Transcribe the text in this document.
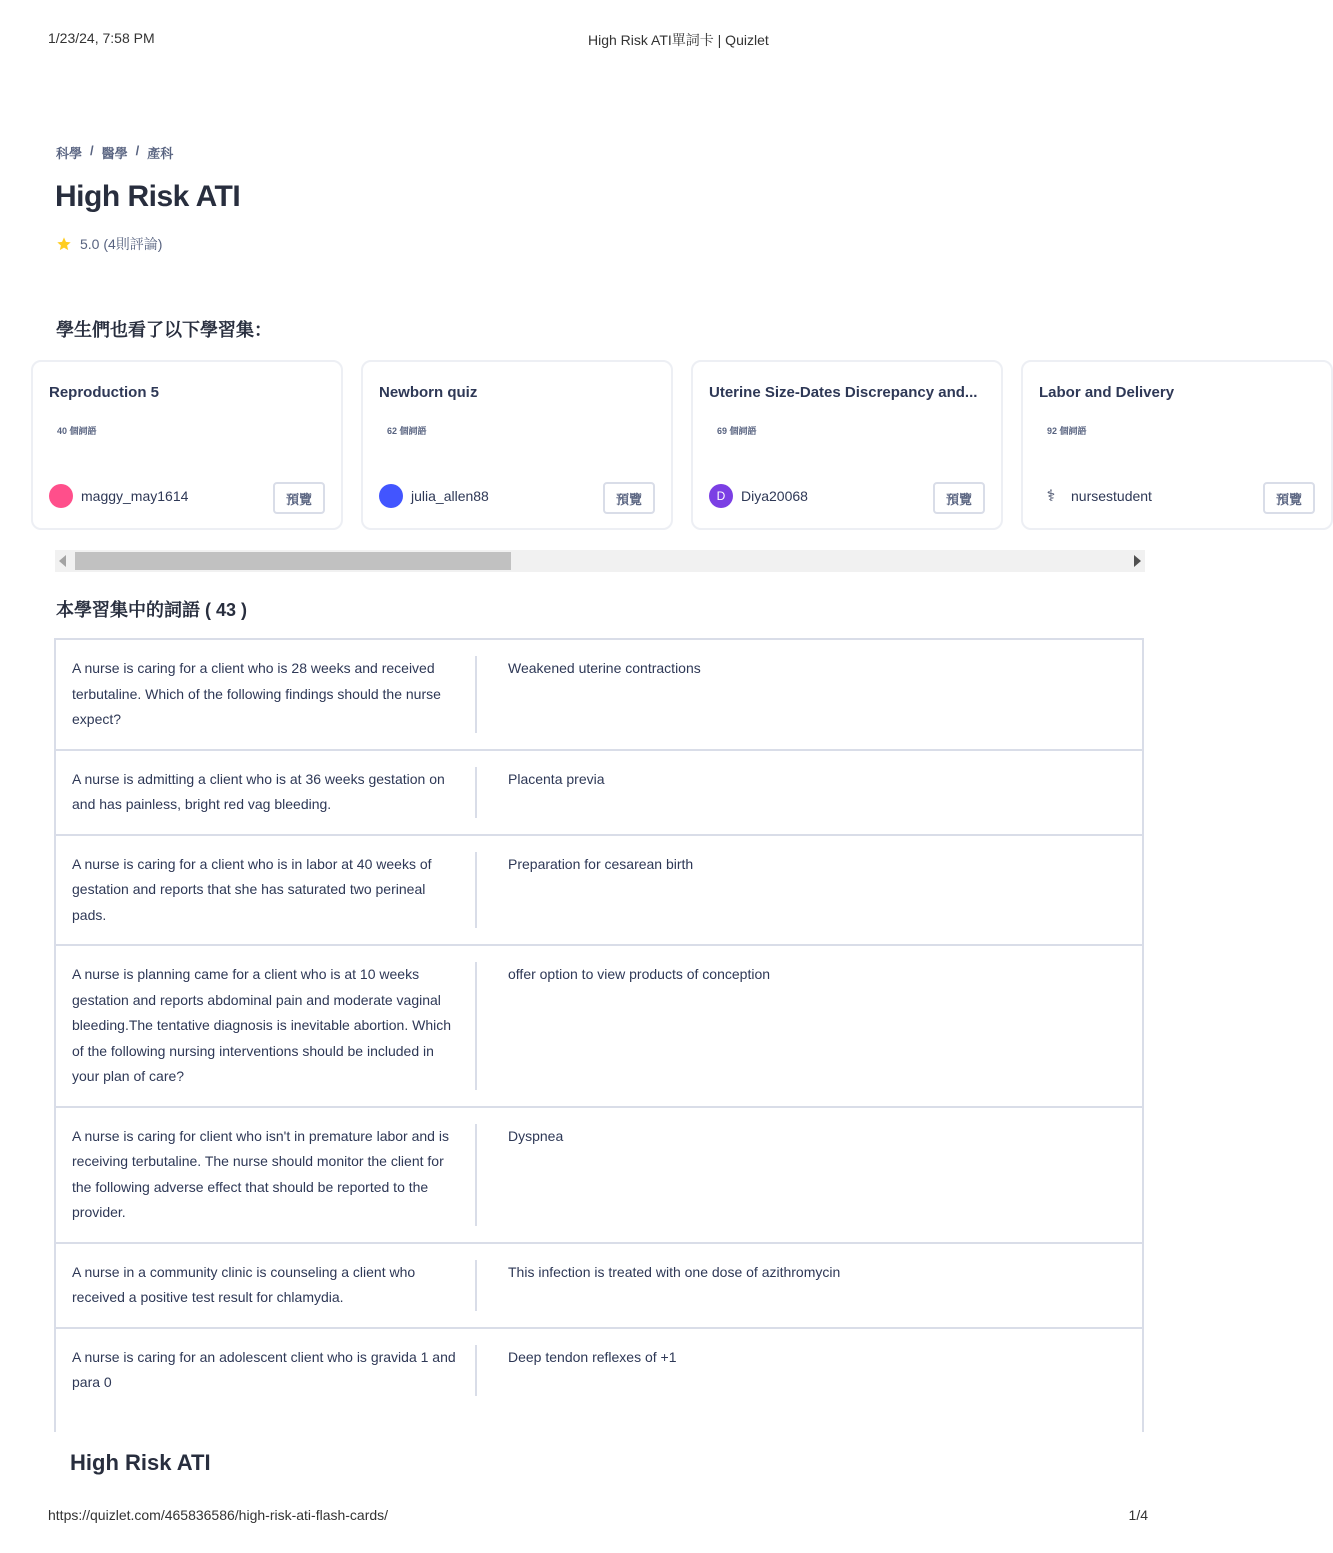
1/23/24, 7:58 PM	High Risk ATI單詞卡 | Quizlet
科學 / 醫學 / 產科
High Risk ATI
5.0 (4則評論)
學生們也看了以下學習集：
Reproduction 5
40 個詞語
maggy_may1614	預覽
Newborn quiz
62 個詞語
julia_allen88	預覽
Uterine Size-Dates Discrepancy and...
69 個詞語
D	Diya20068	預覽
Labor and Delivery
92 個詞語
⚕	nursestudent	預覽
本學習集中的詞語 ( 43 )
A nurse is caring for a client who is 28 weeks and received terbutaline. Which of the following findings should the nurse expect?
Weakened uterine contractions
A nurse is admitting a client who is at 36 weeks gestation on and has painless, bright red vag bleeding.
Placenta previa
A nurse is caring for a client who is in labor at 40 weeks of gestation and reports that she has saturated two perineal pads.
Preparation for cesarean birth
A nurse is planning came for a client who is at 10 weeks gestation and reports abdominal pain and moderate vaginal bleeding.The tentative diagnosis is inevitable abortion. Which of the following nursing interventions should be included in your plan of care?
offer option to view products of conception
A nurse is caring for client who isn't in premature labor and is receiving terbutaline. The nurse should monitor the client for the following adverse effect that should be reported to the provider.
Dyspnea
A nurse in a community clinic is counseling a client who received a positive test result for chlamydia.
This infection is treated with one dose of azithromycin
A nurse is caring for an adolescent client who is gravida 1 and para 0
Deep tendon reflexes of +1
High Risk ATI
https://quizlet.com/465836586/high-risk-ati-flash-cards/	1/4
